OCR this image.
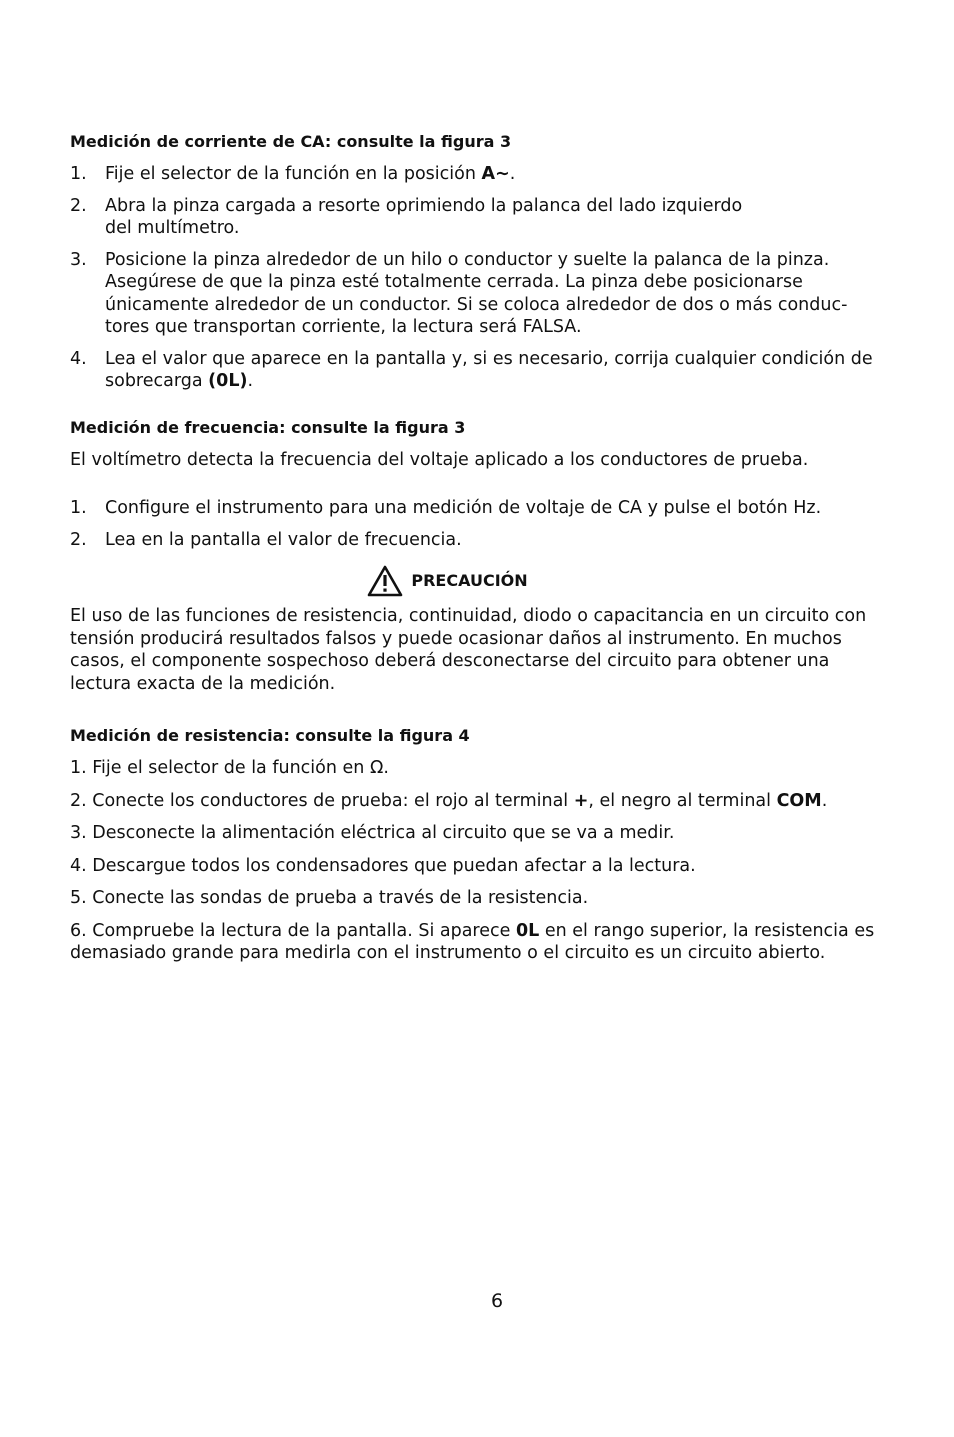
Medición de corriente de CA: consulte la figura 3
1.	Fije el selector de la función en la posición A∼.
2.	Abra la pinza cargada a resorte oprimiendo la palanca del lado izquierdo
del multímetro.
3.	Posicione la pinza alrededor de un hilo o conductor y suelte la palanca de la pinza. Asegúrese de que la pinza esté totalmente cerrada. La pinza debe posicionarse únicamente alrededor de un conductor. Si se coloca alrededor de dos o más conduc-tores que transportan corriente, la lectura será FALSA.
4.	Lea el valor que aparece en la pantalla y, si es necesario, corrija cualquier condición de sobrecarga (0L).
Medición de frecuencia: consulte la figura 3

El voltímetro detecta la frecuencia del voltaje aplicado a los conductores de prueba.

1.	Configure el instrumento para una medición de voltaje de CA y pulse el botón Hz.
2.	Lea en la pantalla el valor de frecuencia.
PRECAUCIÓN

El uso de las funciones de resistencia, continuidad, diodo o capacitancia en un circuito con tensión producirá resultados falsos y puede ocasionar daños al instrumento. En muchos casos, el componente sospechoso deberá desconectarse del circuito para obtener una lectura exacta de la medición.

Medición de resistencia: consulte la figura 4
1. Fije el selector de la función en Ω.
2. Conecte los conductores de prueba: el rojo al terminal +, el negro al terminal COM.
3. Desconecte la alimentación eléctrica al circuito que se va a medir.
4. Descargue todos los condensadores que puedan afectar a la lectura.
5. Conecte las sondas de prueba a través de la resistencia.
6. Compruebe la lectura de la pantalla. Si aparece 0L en el rango superior, la resistencia es demasiado grande para medirla con el instrumento o el circuito es un circuito abierto.
6
